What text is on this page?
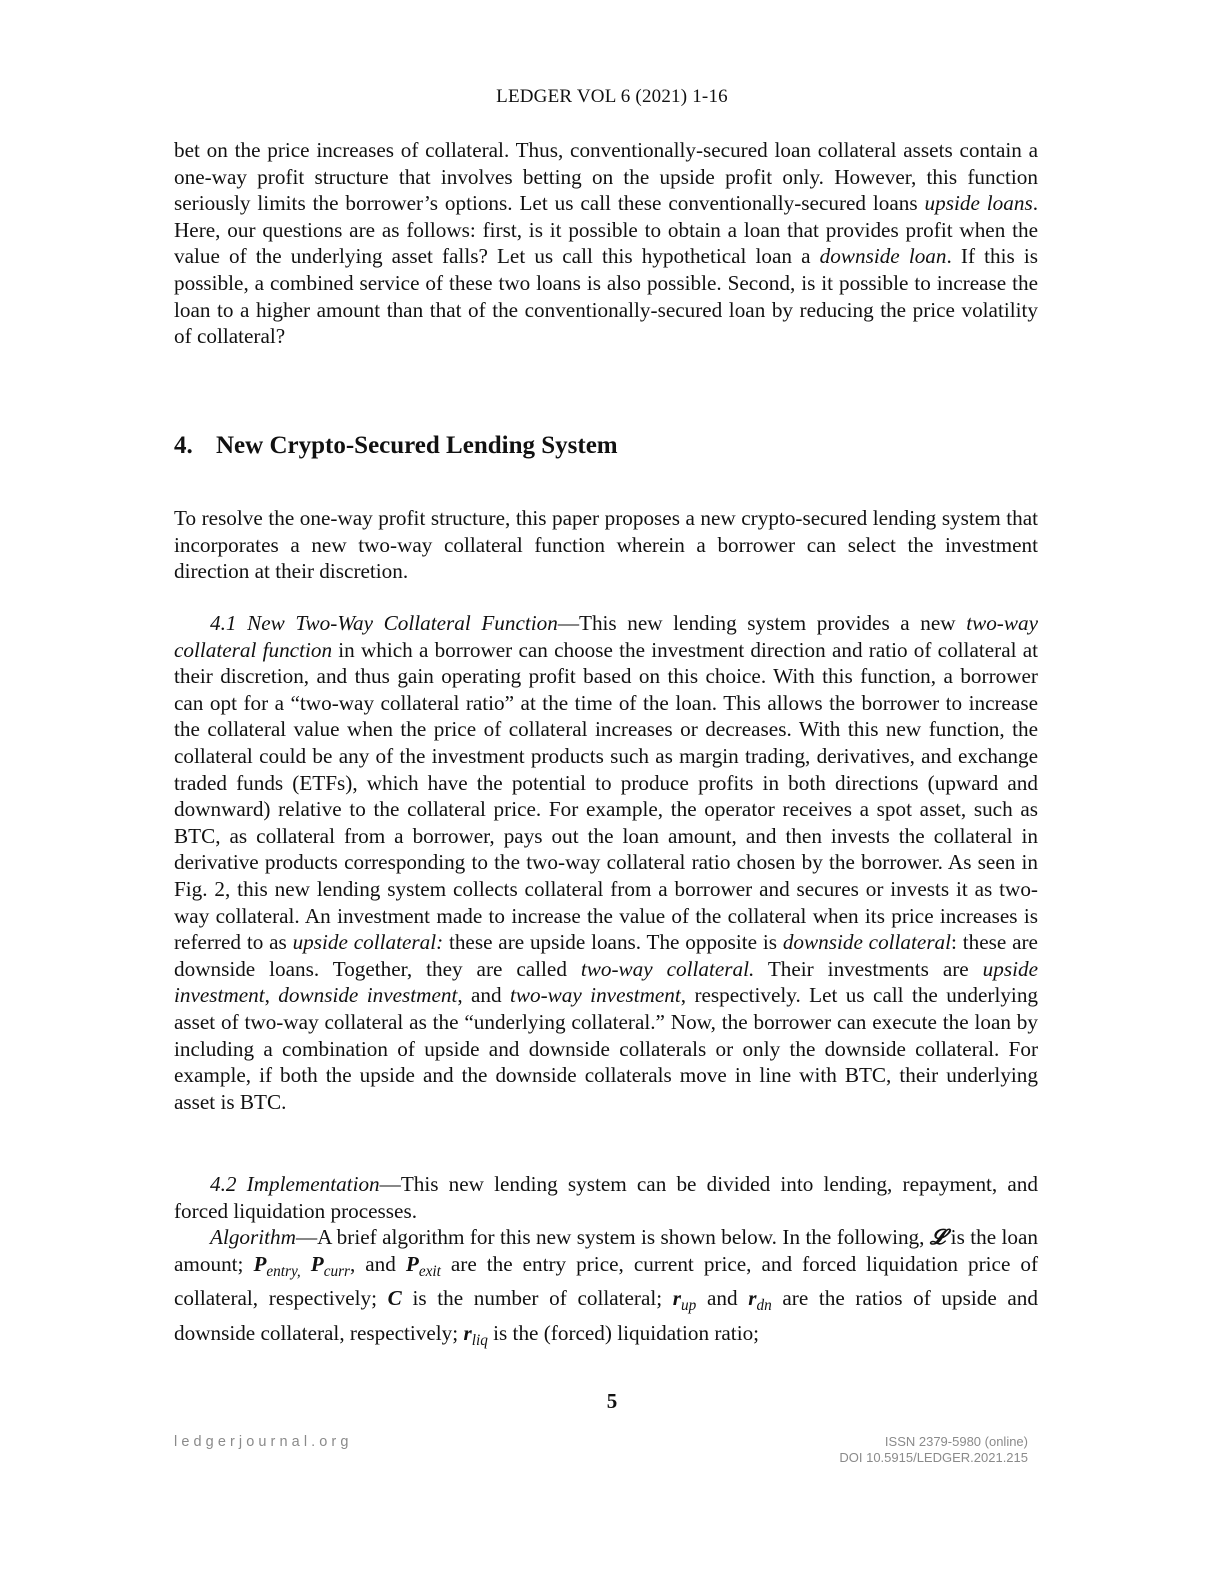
LEDGER VOL 6 (2021) 1-16

bet on the price increases of collateral. Thus, conventionally-secured loan collateral assets contain a one-way profit structure that involves betting on the upside profit only. However, this function seriously limits the borrower’s options. Let us call these conventionally-secured loans upside loans. Here, our questions are as follows: first, is it possible to obtain a loan that provides profit when the value of the underlying asset falls? Let us call this hypothetical loan a downside loan. If this is possible, a combined service of these two loans is also possible. Second, is it possible to increase the loan to a higher amount than that of the conventionally-secured loan by reducing the price volatility of collateral?

4. New Crypto-Secured Lending System

To resolve the one-way profit structure, this paper proposes a new crypto-secured lending system that incorporates a new two-way collateral function wherein a borrower can select the investment direction at their discretion.

4.1 New Two-Way Collateral Function—This new lending system provides a new two-way collateral function in which a borrower can choose the investment direction and ratio of collateral at their discretion, and thus gain operating profit based on this choice. With this function, a borrower can opt for a “two-way collateral ratio” at the time of the loan. This allows the borrower to increase the collateral value when the price of collateral increases or decreases. With this new function, the collateral could be any of the investment products such as margin trading, derivatives, and exchange traded funds (ETFs), which have the potential to produce profits in both directions (upward and downward) relative to the collateral price. For example, the operator receives a spot asset, such as BTC, as collateral from a borrower, pays out the loan amount, and then invests the collateral in derivative products corresponding to the two-way collateral ratio chosen by the borrower. As seen in Fig. 2, this new lending system collects collateral from a borrower and secures or invests it as two-way collateral. An investment made to increase the value of the collateral when its price increases is referred to as upside collateral: these are upside loans. The opposite is downside collateral: these are downside loans. Together, they are called two-way collateral. Their investments are upside investment, downside investment, and two-way investment, respectively. Let us call the underlying asset of two-way collateral as the “underlying collateral.” Now, the borrower can execute the loan by including a combination of upside and downside collaterals or only the downside collateral. For example, if both the upside and the downside collaterals move in line with BTC, their underlying asset is BTC.

4.2 Implementation—This new lending system can be divided into lending, repayment, and forced liquidation processes.

Algorithm—A brief algorithm for this new system is shown below. In the following, 𝓛 is the loan amount; $P_{entry,}$ $P_{curr}$, and $P_{exit}$ are the entry price, current price, and forced liquidation price of collateral, respectively; C is the number of collateral; $r_{up}$ and $r_{dn}$ are the ratios of upside and downside collateral, respectively; $r_{liq}$ is the (forced) liquidation ratio;

5
ledgerjournal.org	ISSN 2379-5980 (online)
DOI 10.5915/LEDGER.2021.215
